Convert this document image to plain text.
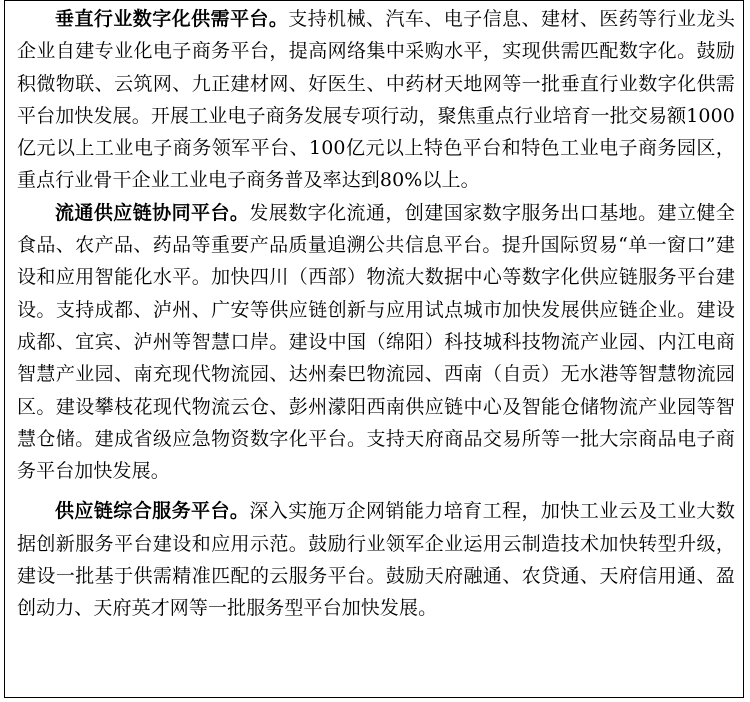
垂直行业数字化供需平台。支持机械、汽车、电子信息、建材、医药等行业龙头企业自建专业化电子商务平台，提高网络集中采购水平，实现供需匹配数字化。鼓励积微物联、云筑网、九正建材网、好医生、中药材天地网等一批垂直行业数字化供需平台加快发展。开展工业电子商务发展专项行动，聚焦重点行业培育一批交易额1000亿元以上工业电子商务领军平台、100亿元以上特色平台和特色工业电子商务园区，重点行业骨干企业工业电子商务普及率达到80%以上。

流通供应链协同平台。发展数字化流通，创建国家数字服务出口基地。建立健全食品、农产品、药品等重要产品质量追溯公共信息平台。提升国际贸易“单一窗口”建设和应用智能化水平。加快四川（西部）物流大数据中心等数字化供应链服务平台建设。支持成都、泸州、广安等供应链创新与应用试点城市加快发展供应链企业。建设成都、宜宾、泸州等智慧口岸。建设中国（绵阳）科技城科技物流产业园、内江电商智慧产业园、南充现代物流园、达州秦巴物流园、西南（自贡）无水港等智慧物流园区。建设攀枝花现代物流云仓、彭州濛阳西南供应链中心及智能仓储物流产业园等智慧仓储。建成省级应急物资数字化平台。支持天府商品交易所等一批大宗商品电子商务平台加快发展。

供应链综合服务平台。深入实施万企网销能力培育工程，加快工业云及工业大数据创新服务平台建设和应用示范。鼓励行业领军企业运用云制造技术加快转型升级，建设一批基于供需精准匹配的云服务平台。鼓励天府融通、农贷通、天府信用通、盈创动力、天府英才网等一批服务型平台加快发展。
